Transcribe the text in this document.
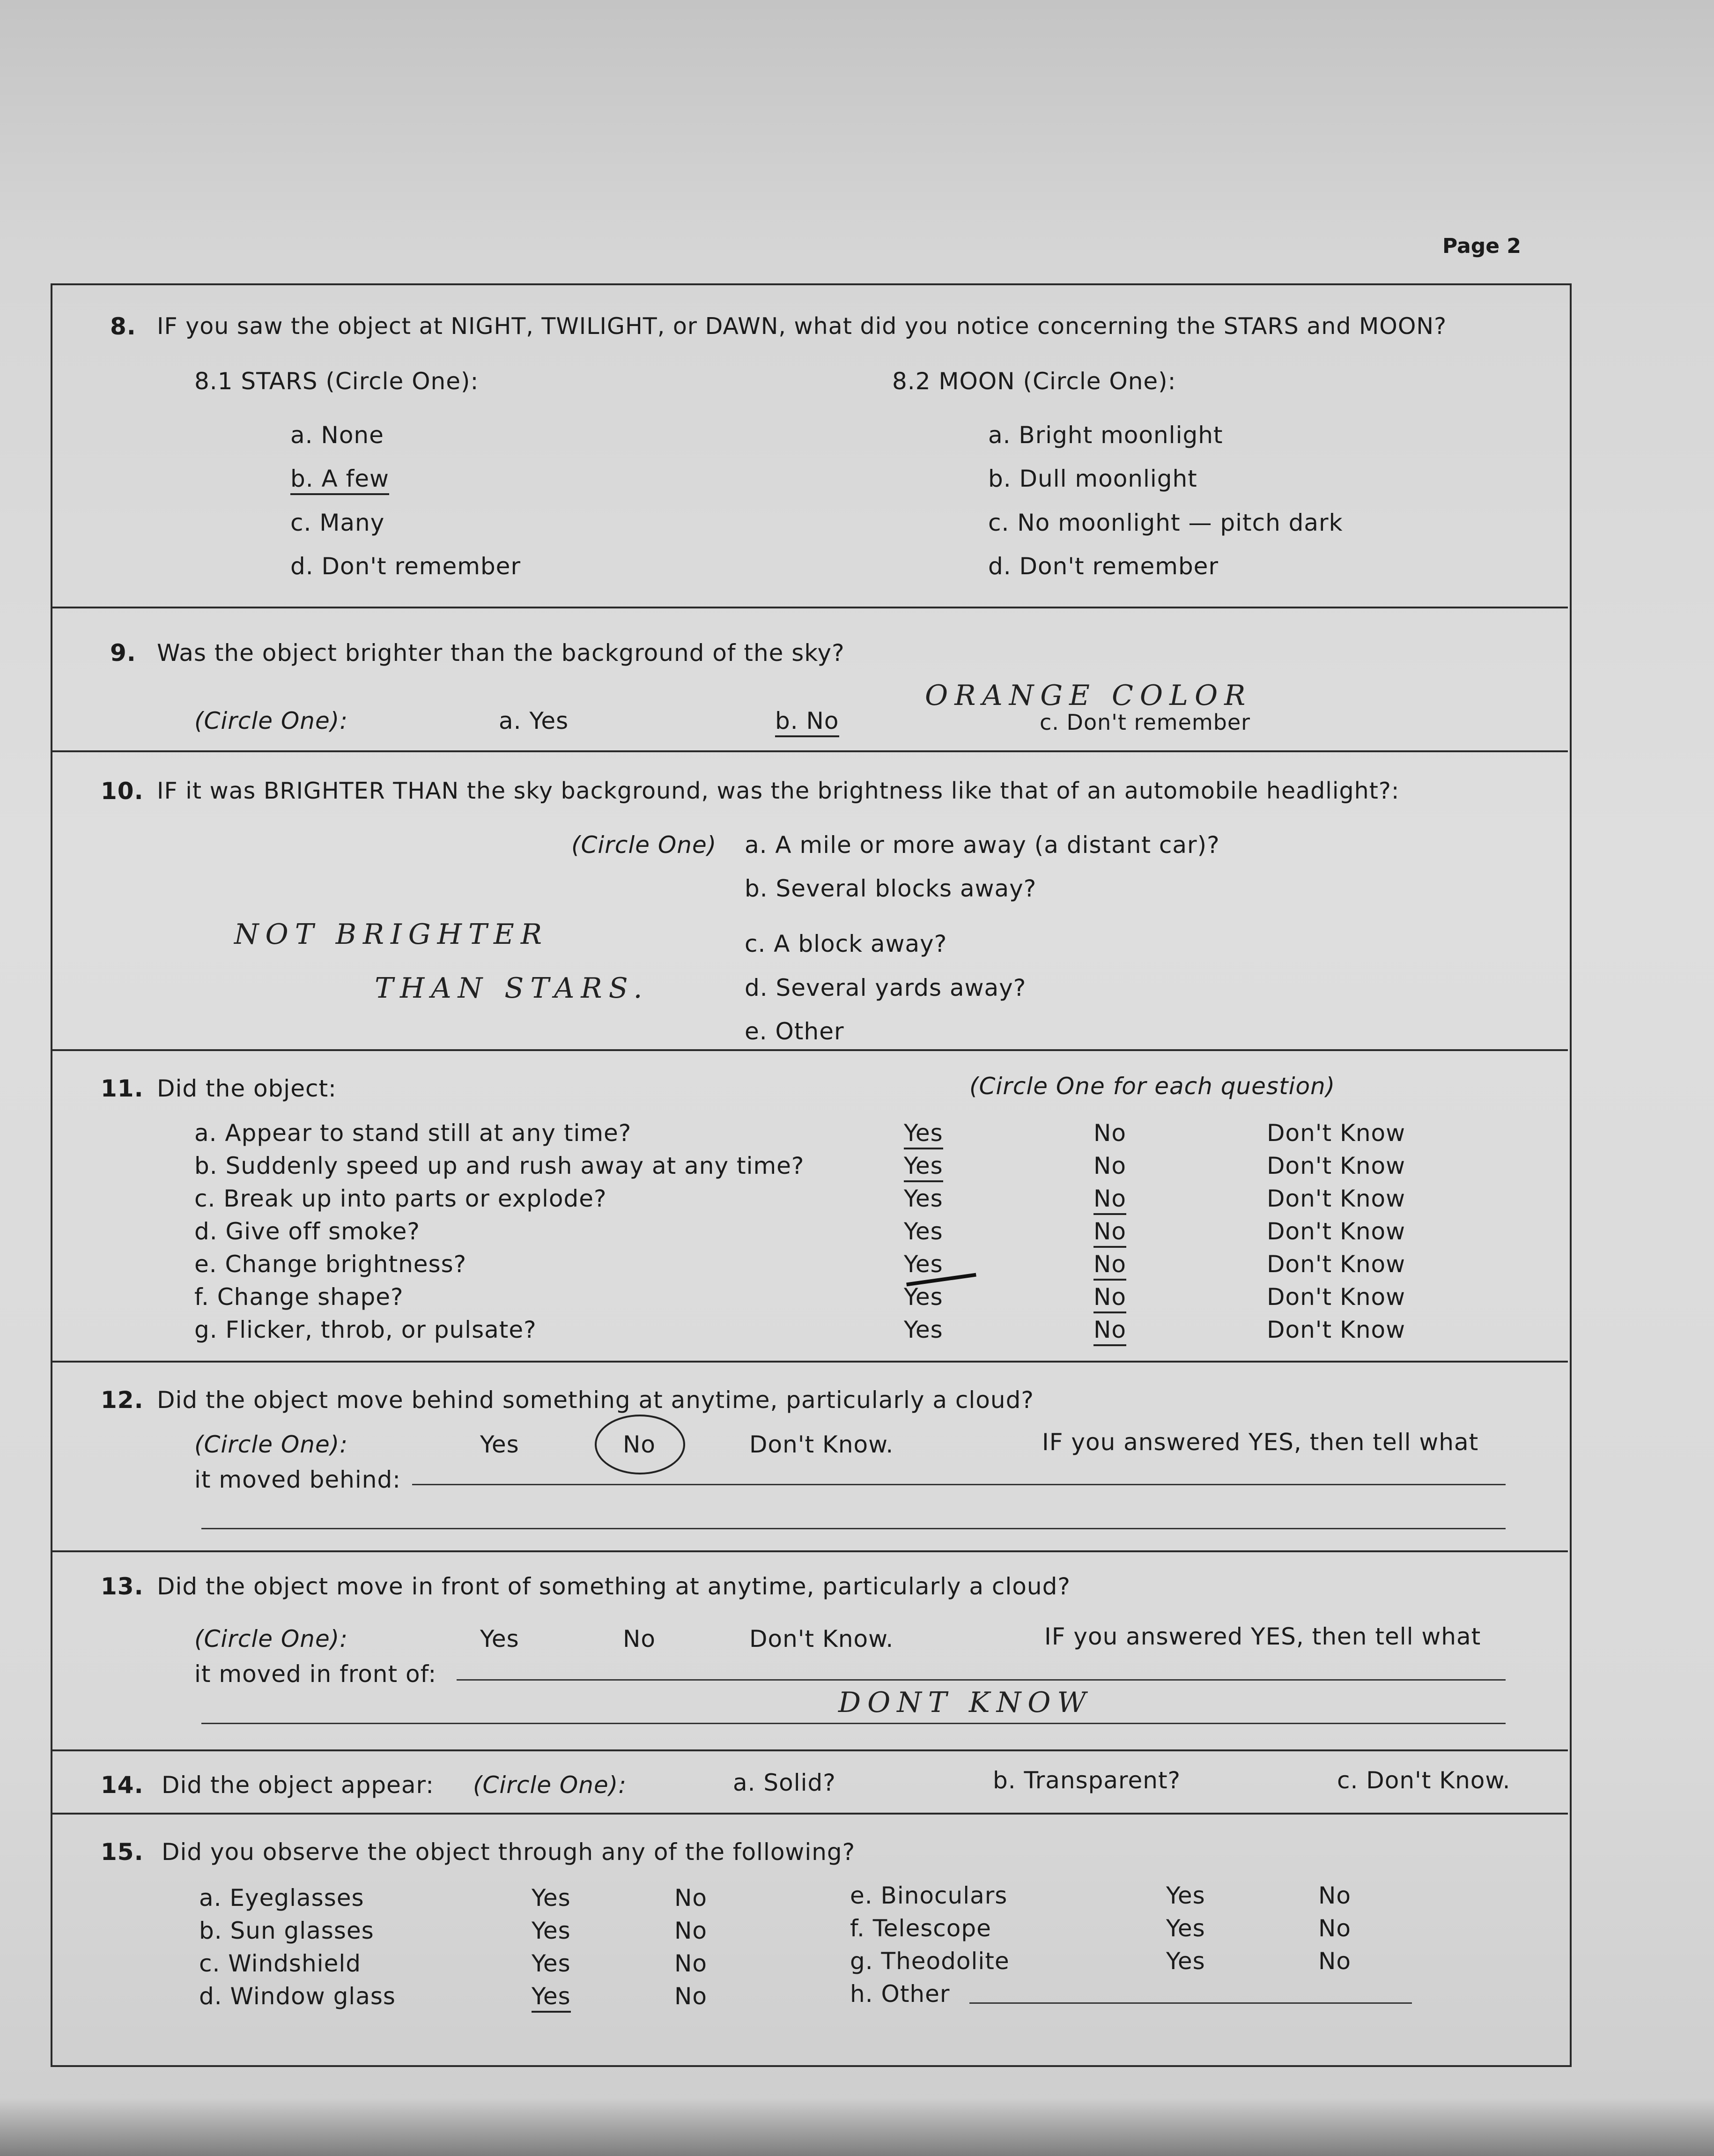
Page 2
8. IF you saw the object at NIGHT, TWILIGHT, or DAWN, what did you notice concerning the STARS and MOON?
8.1 STARS (Circle One):
a. None
b. A few
c. Many
d. Don't remember
8.2 MOON (Circle One):
a. Bright moonlight
b. Dull moonlight
c. No moonlight — pitch dark
d. Don't remember
9. Was the object brighter than the background of the sky?
(Circle One):	a. Yes	b. No	c. Don't remember
ORANGE COLOR
10. IF it was BRIGHTER THAN the sky background, was the brightness like that of an automobile headlight?:
(Circle One) a. A mile or more away (a distant car)?
b. Several blocks away?
c. A block away?
d. Several yards away?
e. Other
NOT BRIGHTER
THAN STARS.
11. Did the object:	(Circle One for each question)
a. Appear to stand still at any time?	Yes	No	Don't Know
b. Suddenly speed up and rush away at any time?	Yes	No	Don't Know
c. Break up into parts or explode?	Yes	No	Don't Know
d. Give off smoke?	Yes	No	Don't Know
e. Change brightness?	Yes	No	Don't Know
f. Change shape?	Yes	No	Don't Know
g. Flicker, throb, or pulsate?	Yes	No	Don't Know
12. Did the object move behind something at anytime, particularly a cloud?
(Circle One):	Yes	No	Don't Know.	IF you answered YES, then tell what
it moved behind:
13. Did the object move in front of something at anytime, particularly a cloud?
(Circle One):	Yes	No	Don't Know.	IF you answered YES, then tell what
it moved in front of:
DONT KNOW
14. Did the object appear: (Circle One):	a. Solid?	b. Transparent?	c. Don't Know.
15. Did you observe the object through any of the following?
a. Eyeglasses	Yes	No
b. Sun glasses	Yes	No
c. Windshield	Yes	No
d. Window glass	Yes	No
e. Binoculars	Yes	No
f. Telescope	Yes	No
g. Theodolite	Yes	No
h. Other
